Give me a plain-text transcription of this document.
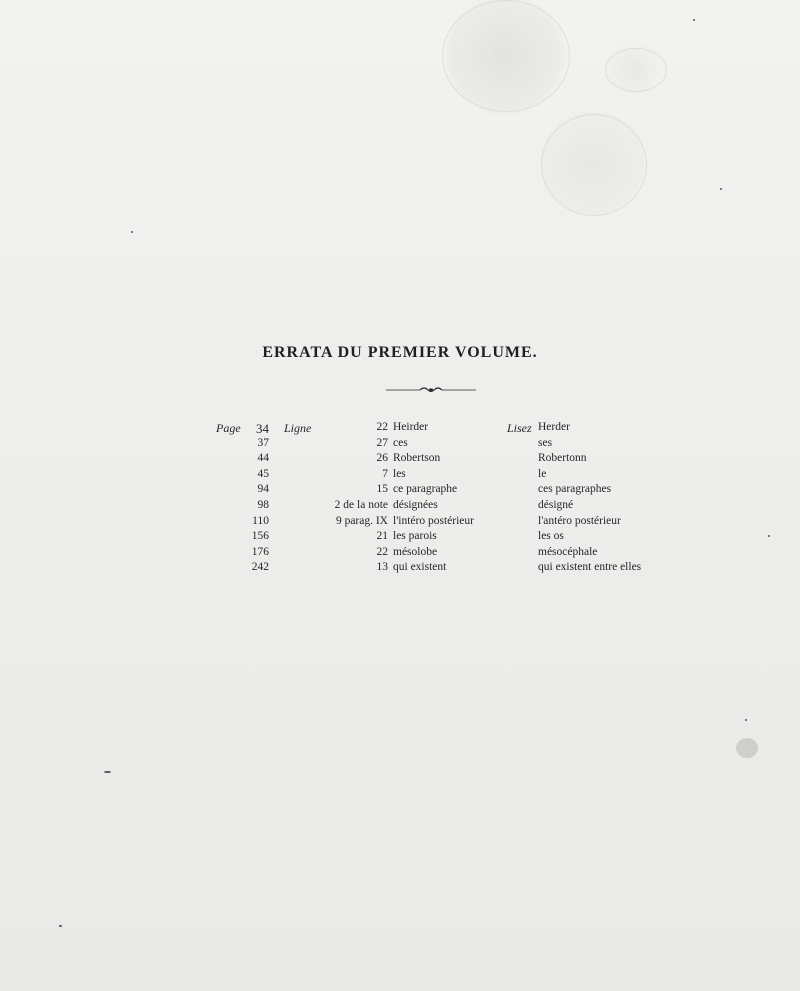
ERRATA DU PREMIER VOLUME.
Page	34 Ligne	22 Heirder	Lisez Herder
37	27 ces	ses
44	26 Robertson	Robertonn
45	7 les	le
94	15 ce paragraphe	ces paragraphes
98	2 de la note désignées	désigné
110	9 parag. IX l'intéro postérieur	l'antéro postérieur
156	21 les parois	les os
176	22 mésolobe	mésocéphale
242	13 qui existent	qui existent entre elles
